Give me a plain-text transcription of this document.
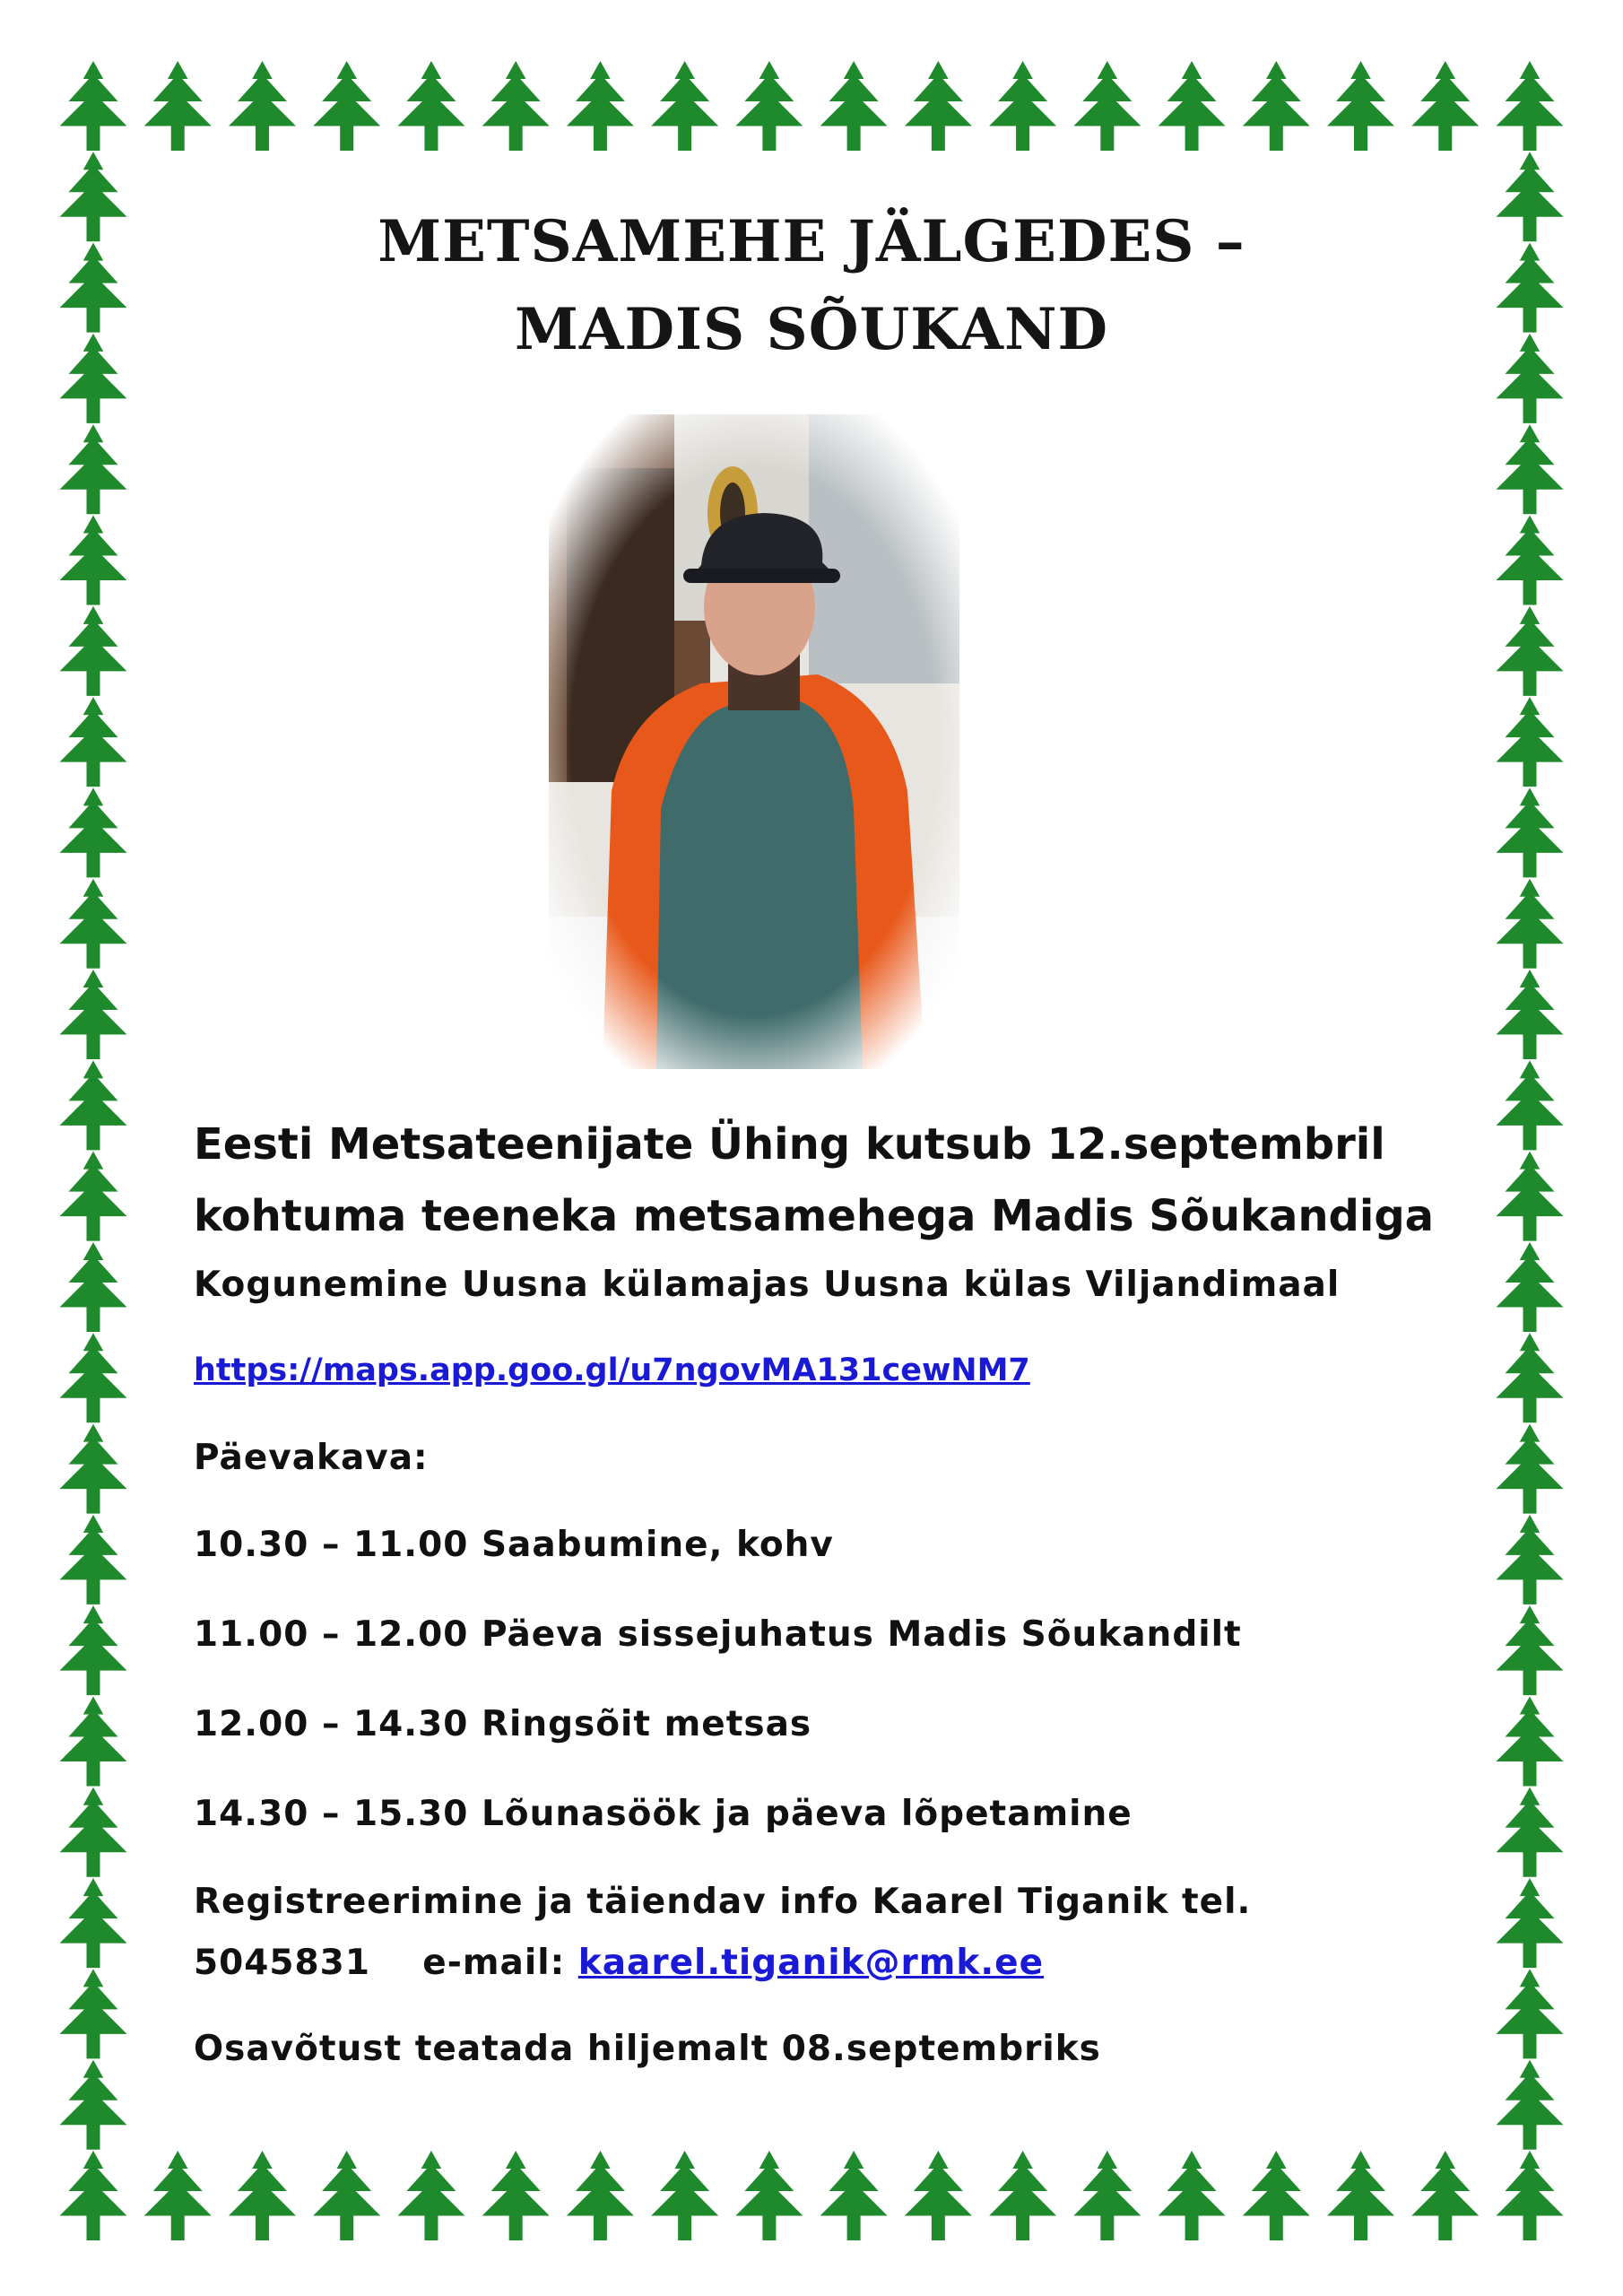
METSAMEHE JÄLGEDES –
MADIS SÕUKAND
Eesti Metsateenijate Ühing kutsub 12.septembril
kohtuma teeneka metsamehega Madis Sõukandiga
Kogunemine Uusna külamajas Uusna külas Viljandimaal
https://maps.app.goo.gl/u7ngovMA131cewNM7
Päevakava:
10.30 – 11.00 Saabumine, kohv
11.00 – 12.00 Päeva sissejuhatus Madis Sõukandilt
12.00 – 14.30 Ringsõit metsas
14.30 – 15.30 Lõunasöök ja päeva lõpetamine
Registreerimine ja täiendav info Kaarel Tiganik tel.
5045831 e-mail: kaarel.tiganik@rmk.ee
Osavõtust teatada hiljemalt 08.septembriks
